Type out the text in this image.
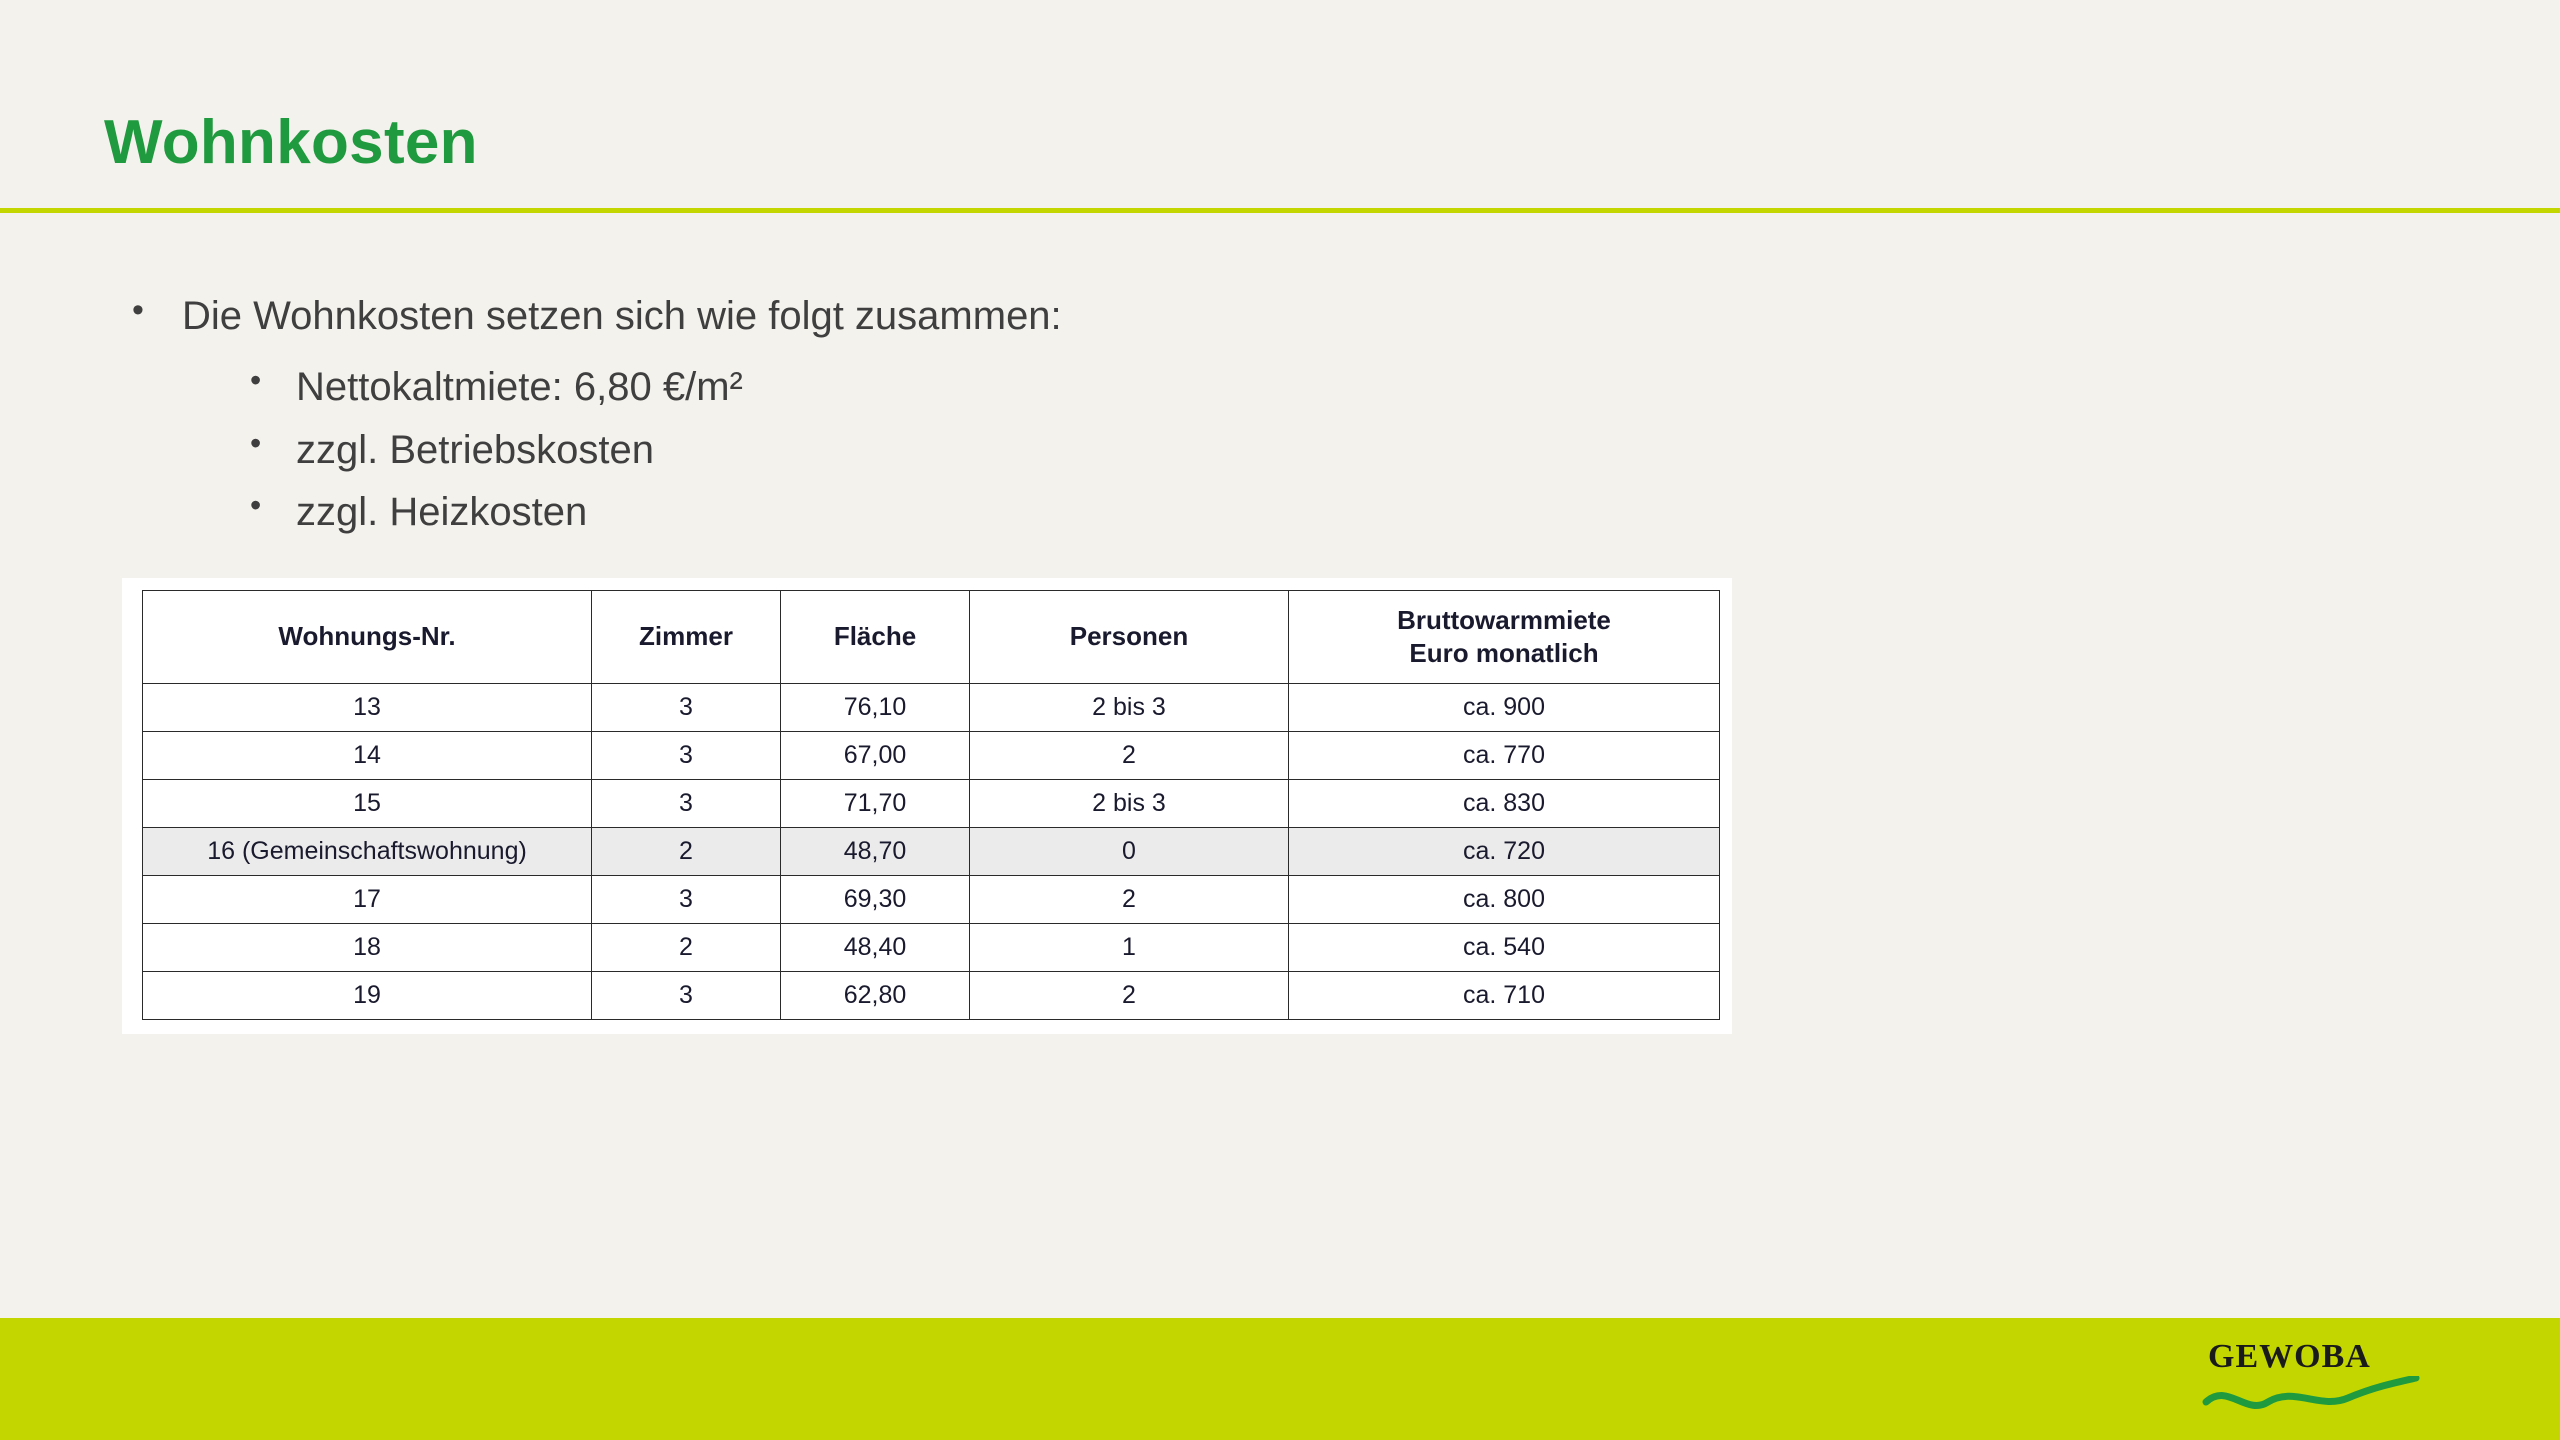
Wohnkosten
• Die Wohnkosten setzen sich wie folgt zusammen:
• Nettokaltmiete: 6,80 €/m²
• zzgl. Betriebskosten
• zzgl. Heizkosten
Wohnungs-Nr.	Zimmer	Fläche	Personen	Bruttowarmmiete
Euro monatlich

13	3	76,10	2 bis 3	ca. 900
14	3	67,00	2	ca. 770
15	3	71,70	2 bis 3	ca. 830
16 (Gemeinschaftswohnung)	2	48,70	0	ca. 720
17	3	69,30	2	ca. 800
18	2	48,40	1	ca. 540
19	3	62,80	2	ca. 710
GEWOBA
